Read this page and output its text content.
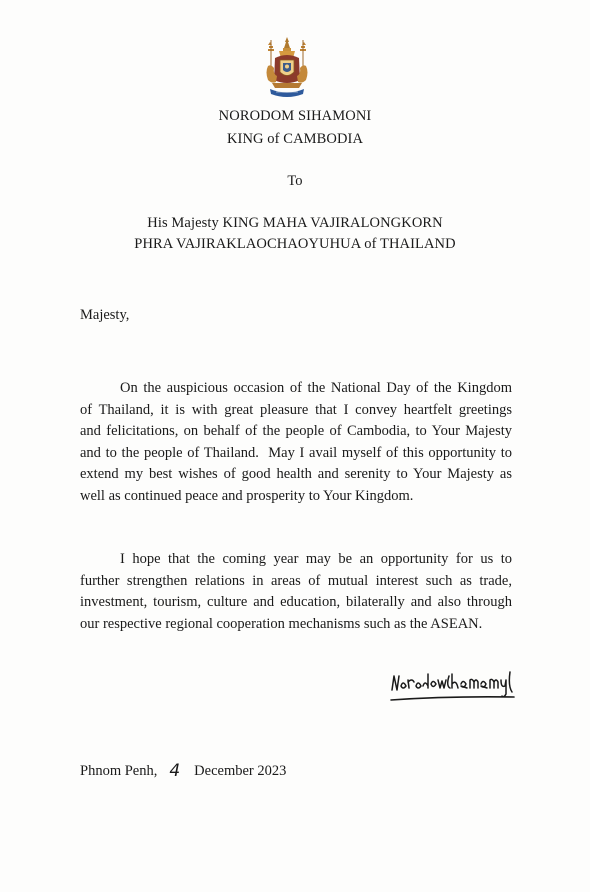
NORODOM SIHAMONI
KING of CAMBODIA
To
His Majesty KING MAHA VAJIRALONGKORN
PHRA VAJIRAKLAOCHAOYUHUA of THAILAND
Majesty,
On the auspicious occasion of the National Day of the Kingdom
of Thailand, it is with great pleasure that I convey heartfelt greetings
and felicitations, on behalf of the people of Cambodia, to Your Majesty
and to the people of Thailand.  May I avail myself of this opportunity to
extend my best wishes of good health and serenity to Your Majesty as
well as continued peace and prosperity to Your Kingdom.
I hope that the coming year may be an opportunity for us to
further strengthen relations in areas of mutual interest such as trade,
investment, tourism, culture and education, bilaterally and also through
our respective regional cooperation mechanisms such as the ASEAN.
Phnom Penh, 4 December 2023
